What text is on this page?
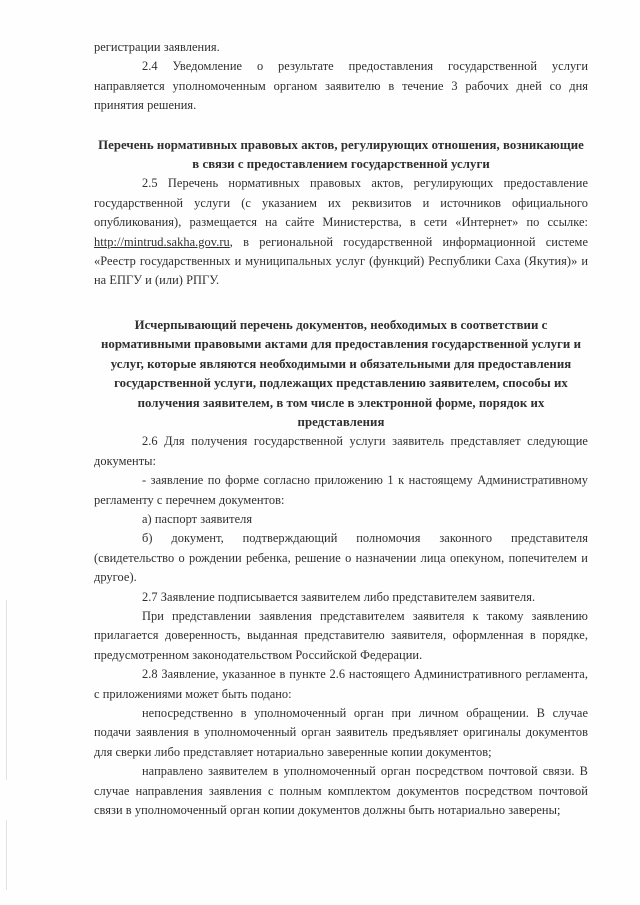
регистрации заявления.

2.4 Уведомление о результате предоставления государственной услуги направляется уполномоченным органом заявителю в течение 3 рабочих дней со дня принятия решения.

Перечень нормативных правовых актов, регулирующих отношения, возникающие в связи с предоставлением государственной услуги

2.5 Перечень нормативных правовых актов, регулирующих предоставление государственной услуги (с указанием их реквизитов и источников официального опубликования), размещается на сайте Министерства, в сети «Интернет» по ссылке: http://mintrud.sakha.gov.ru, в региональной государственной информационной системе «Реестр государственных и муниципальных услуг (функций) Республики Саха (Якутия)» и на ЕПГУ и (или) РПГУ.

Исчерпывающий перечень документов, необходимых в соответствии с нормативными правовыми актами для предоставления государственной услуги и услуг, которые являются необходимыми и обязательными для предоставления государственной услуги, подлежащих представлению заявителем, способы их получения заявителем, в том числе в электронной форме, порядок их представления

2.6 Для получения государственной услуги заявитель представляет следующие документы:

- заявление по форме согласно приложению 1 к настоящему Административному регламенту с перечнем документов:

а) паспорт заявителя

б) документ, подтверждающий полномочия законного представителя (свидетельство о рождении ребенка, решение о назначении лица опекуном, попечителем и другое).

2.7 Заявление подписывается заявителем либо представителем заявителя.

При представлении заявления представителем заявителя к такому заявлению прилагается доверенность, выданная представителю заявителя, оформленная в порядке, предусмотренном законодательством Российской Федерации.

2.8 Заявление, указанное в пункте 2.6 настоящего Административного регламента, с приложениями может быть подано:

непосредственно в уполномоченный орган при личном обращении. В случае подачи заявления в уполномоченный орган заявитель предъявляет оригиналы документов для сверки либо представляет нотариально заверенные копии документов;

направлено заявителем в уполномоченный орган посредством почтовой связи. В случае направления заявления с полным комплектом документов посредством почтовой связи в уполномоченный орган копии документов должны быть нотариально заверены;
